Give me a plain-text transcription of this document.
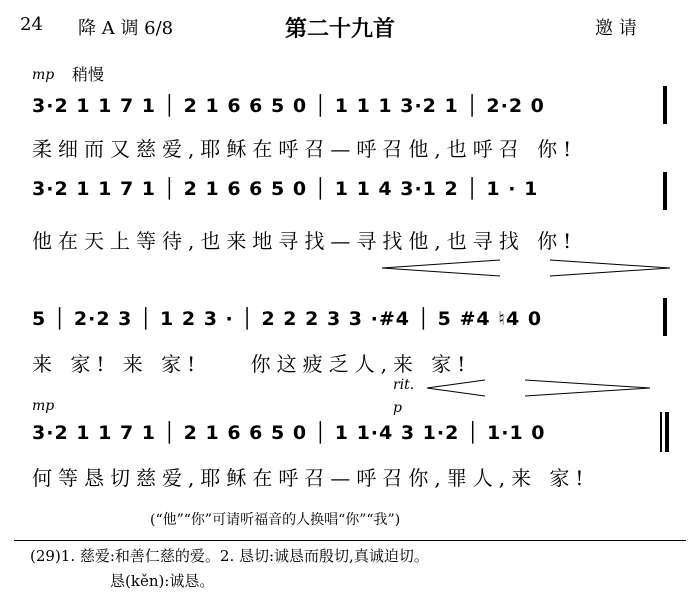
24 降 A 调 6/8	第二十九首	邀 请
mp 稍慢
3·2 1 1 7 1 │ 2 1 6 6 5 0 │ 1 1 1 3·2 1 │ 2·2 0
柔细而又慈爱,耶稣在呼召—呼召他,也呼召 你!
3·2 1 1 7 1 │ 2 1 6 6 5 0 │ 1 1 4 3·1 2 │ 1 · 1
他在天上等待,也来地寻找—寻找他,也寻找 你!
5 │ 2·2 3 │ 1 2 3 · │ 2 2 2 3 3 ·#4 │ 5 #4 ♮4 0
来 家! 来 家!    你这疲乏人,来 家!
mp
rit.
p
3·2 1 1 7 1 │ 2 1 6 6 5 0 │ 1 1·4 3 1·2 │ 1·1 0
何等恳切慈爱,耶稣在呼召—呼召你,罪人,来 家!
(“他”“你”可请听福音的人换唱“你”“我”)
(29)1. 慈爱:和善仁慈的爱。2. 恳切:诚恳而殷切,真诚迫切。
恳(kěn):诚恳。
